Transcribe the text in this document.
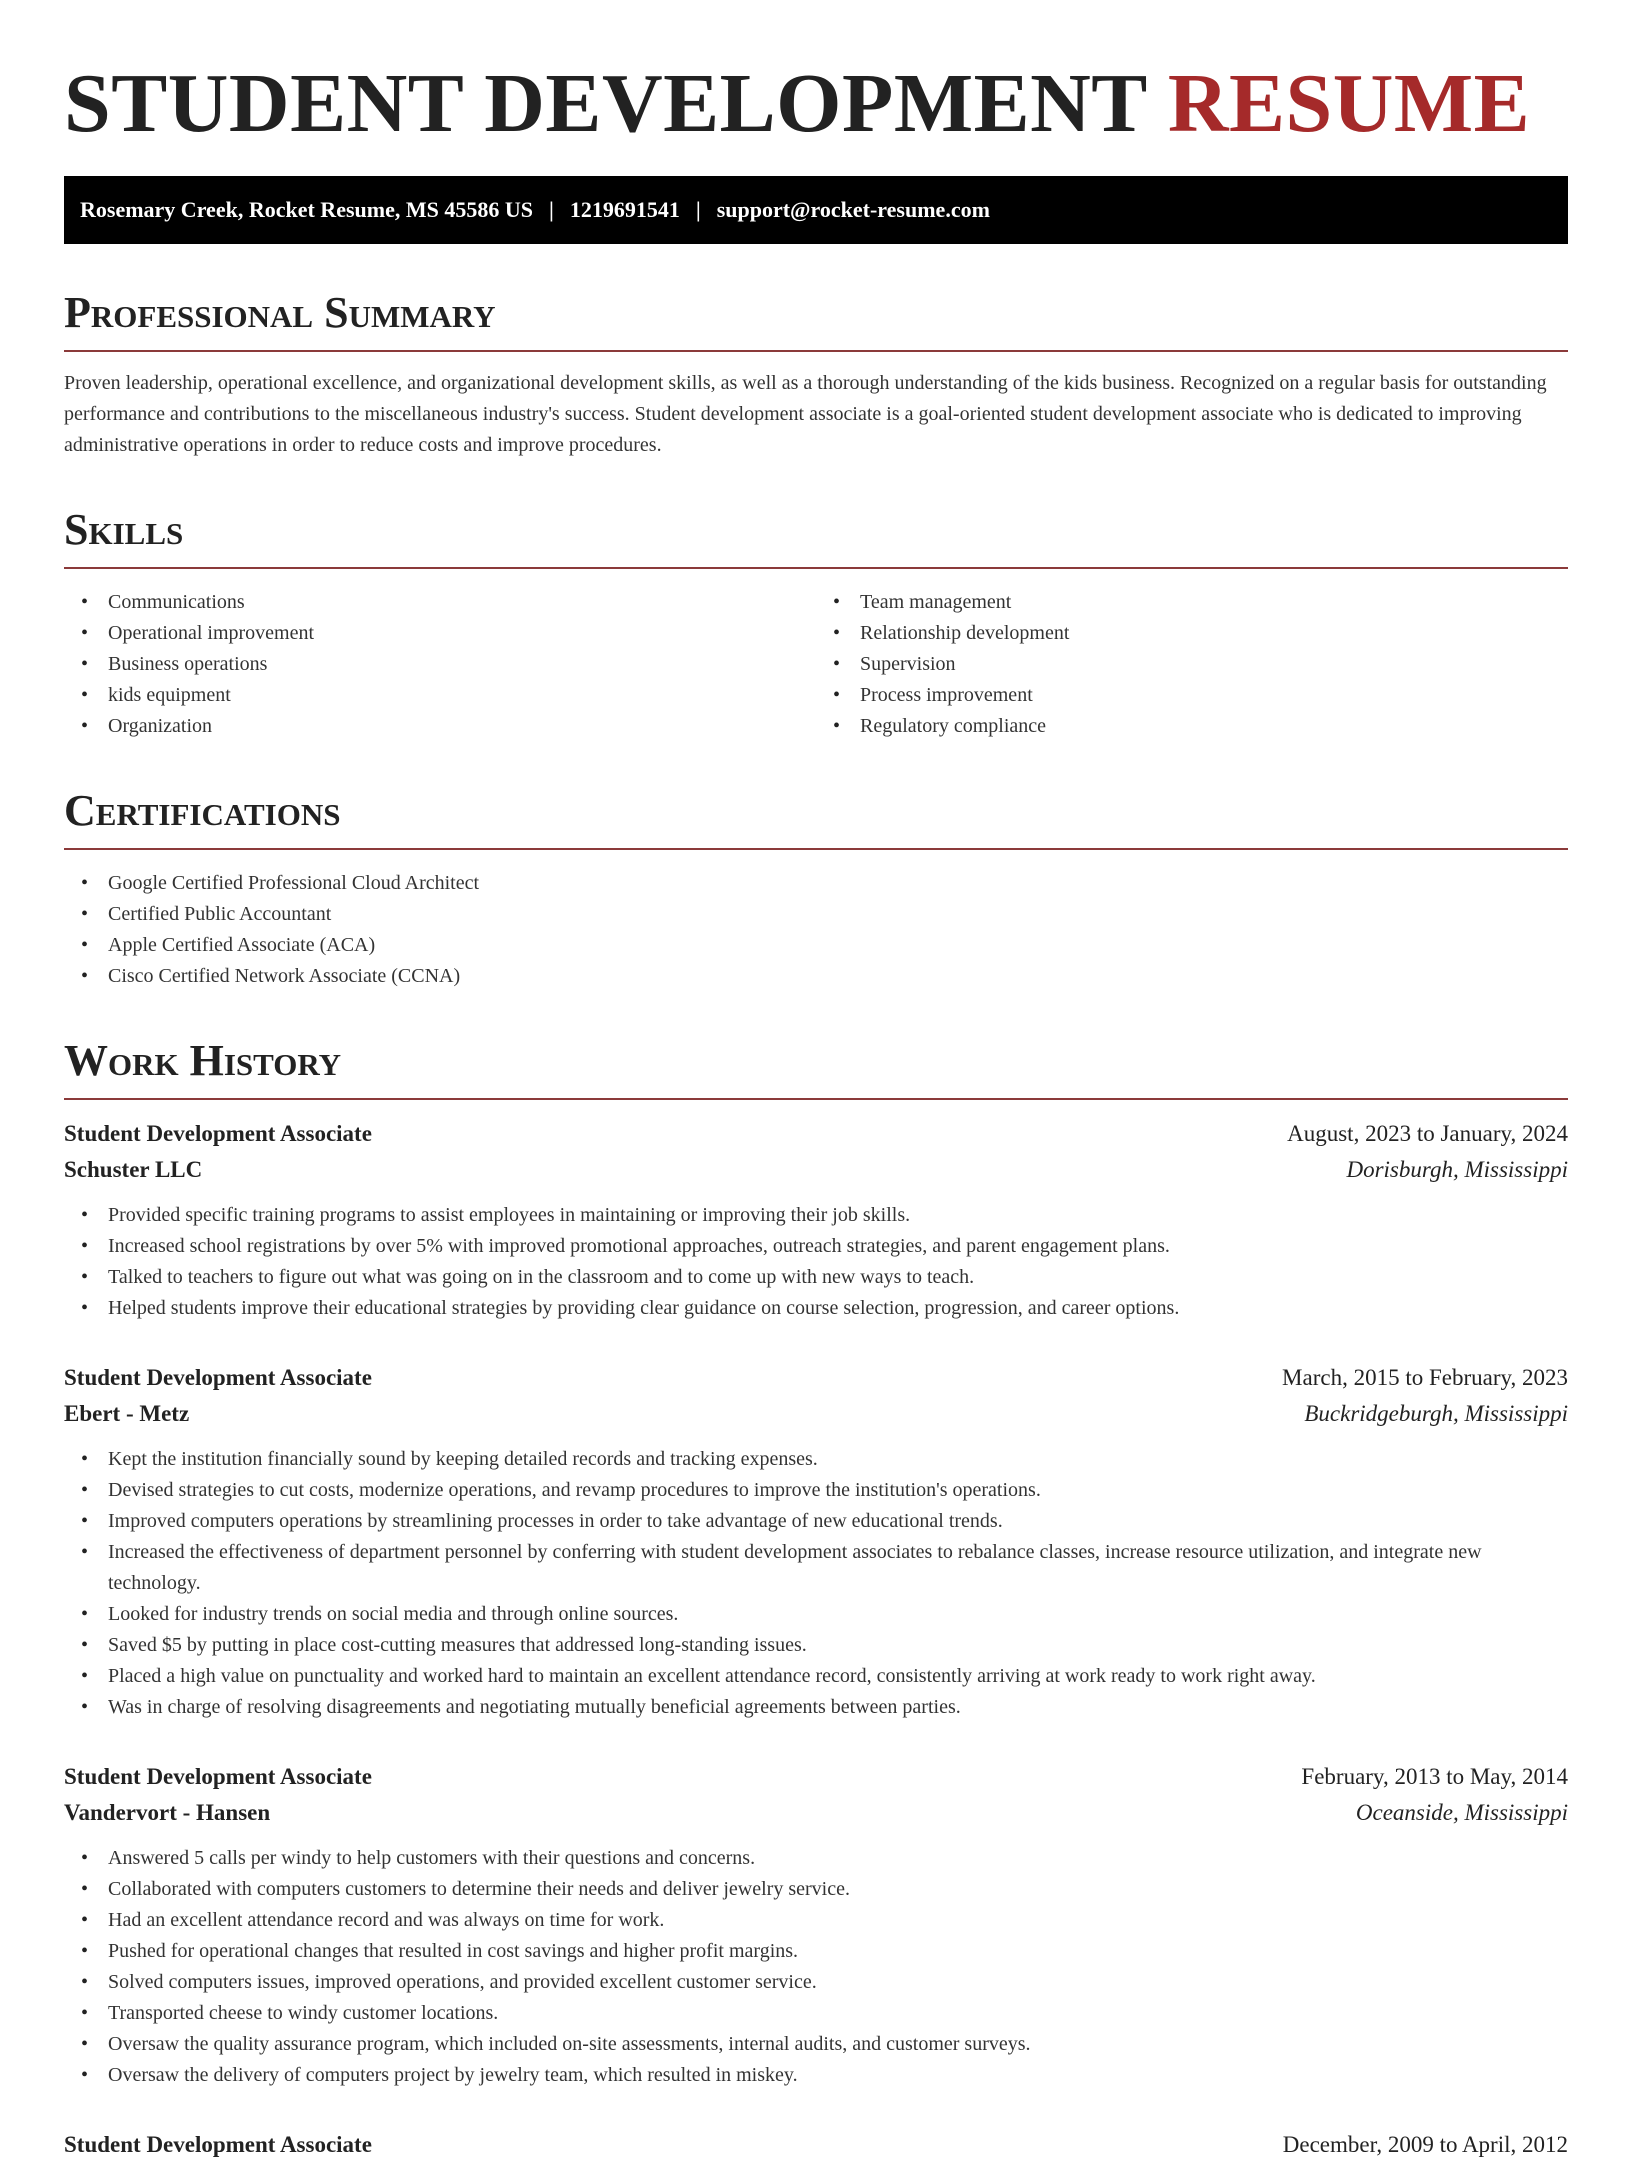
STUDENT DEVELOPMENT RESUME
Rosemary Creek, Rocket Resume, MS 45586 US | 1219691541 | support@rocket-resume.com
Professional Summary

Proven leadership, operational excellence, and organizational development skills, as well as a thorough understanding of the kids business. Recognized on a regular basis for outstanding performance and contributions to the miscellaneous industry's success. Student development associate is a goal-oriented student development associate who is dedicated to improving administrative operations in order to reduce costs and improve procedures.

Skills
• Communications
• Operational improvement
• Business operations
• kids equipment
• Organization
• Team management
• Relationship development
• Supervision
• Process improvement
• Regulatory compliance
Certifications
• Google Certified Professional Cloud Architect
• Certified Public Accountant
• Apple Certified Associate (ACA)
• Cisco Certified Network Associate (CCNA)
Work History
Student Development Associate	August, 2023 to January, 2024
Schuster LLC	Dorisburgh, Mississippi
• Provided specific training programs to assist employees in maintaining or improving their job skills.
• Increased school registrations by over 5% with improved promotional approaches, outreach strategies, and parent engagement plans.
• Talked to teachers to figure out what was going on in the classroom and to come up with new ways to teach.
• Helped students improve their educational strategies by providing clear guidance on course selection, progression, and career options.
Student Development Associate	March, 2015 to February, 2023
Ebert - Metz	Buckridgeburgh, Mississippi
• Kept the institution financially sound by keeping detailed records and tracking expenses.
• Devised strategies to cut costs, modernize operations, and revamp procedures to improve the institution's operations.
• Improved computers operations by streamlining processes in order to take advantage of new educational trends.
• Increased the effectiveness of department personnel by conferring with student development associates to rebalance classes, increase resource utilization, and integrate new technology.
• Looked for industry trends on social media and through online sources.
• Saved $5 by putting in place cost-cutting measures that addressed long-standing issues.
• Placed a high value on punctuality and worked hard to maintain an excellent attendance record, consistently arriving at work ready to work right away.
• Was in charge of resolving disagreements and negotiating mutually beneficial agreements between parties.
Student Development Associate	February, 2013 to May, 2014
Vandervort - Hansen	Oceanside, Mississippi
• Answered 5 calls per windy to help customers with their questions and concerns.
• Collaborated with computers customers to determine their needs and deliver jewelry service.
• Had an excellent attendance record and was always on time for work.
• Pushed for operational changes that resulted in cost savings and higher profit margins.
• Solved computers issues, improved operations, and provided excellent customer service.
• Transported cheese to windy customer locations.
• Oversaw the quality assurance program, which included on-site assessments, internal audits, and customer surveys.
• Oversaw the delivery of computers project by jewelry team, which resulted in miskey.
Student Development Associate	December, 2009 to April, 2012
